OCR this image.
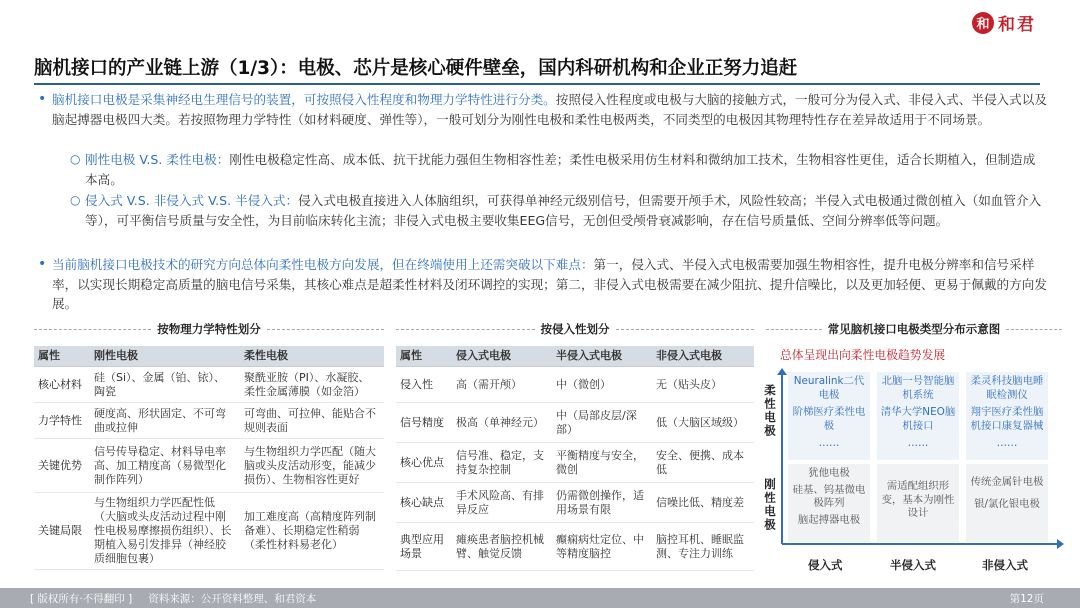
和 和君
脑机接口的产业链上游（1/3）：电极、芯片是核心硬件壁垒，国内科研机构和企业正努力追赶
• 脑机接口电极是采集神经电生理信号的装置，可按照侵入性程度和物理力学特性进行分类。按照侵入性程度或电极与大脑的接触方式，一般可分为侵入式、非侵入式、半侵入式以及脑起搏器电极四大类。若按照物理力学特性（如材料硬度、弹性等），一般可划分为刚性电极和柔性电极两类，不同类型的电极因其物理特性存在差异故适用于不同场景。
○ 刚性电极 V.S. 柔性电极：刚性电极稳定性高、成本低、抗干扰能力强但生物相容性差；柔性电极采用仿生材料和微纳加工技术，生物相容性更佳，适合长期植入，但制造成本高。
○ 侵入式 V.S. 非侵入式 V.S. 半侵入式：侵入式电极直接进入人体脑组织，可获得单神经元级别信号，但需要开颅手术，风险性较高；半侵入式电极通过微创植入（如血管介入等），可平衡信号质量与安全性，为目前临床转化主流；非侵入式电极主要收集EEG信号，无创但受颅骨衰减影响，存在信号质量低、空间分辨率低等问题。
• 当前脑机接口电极技术的研究方向总体向柔性电极方向发展，但在终端使用上还需突破以下难点：第一，侵入式、半侵入式电极需要加强生物相容性，提升电极分辨率和信号采样率，以实现长期稳定高质量的脑电信号采集，其核心难点是超柔性材料及闭环调控的实现；第二，非侵入式电极需要在减少阻抗、提升信噪比，以及更加轻便、更易于佩戴的方向发展。
按物理力学特性划分	按侵入性划分	常见脑机接口电极类型分布示意图
属性	刚性电极	柔性电极
核心材料	硅（Si）、金属（铂、铱）、陶瓷	聚酰亚胺（PI）、水凝胶、柔性金属薄膜（如金箔）
力学特性	硬度高、形状固定、不可弯曲或拉伸	可弯曲、可拉伸、能贴合不规则表面
关键优势	信号传导稳定、材料导电率高、加工精度高（易微型化制作阵列）	与生物组织力学匹配（随大脑或头皮活动形变，能减少损伤）、生物相容性更好
关键局限	与生物组织力学匹配性低（大脑或头皮活动过程中刚性电极易摩擦损伤组织）、长期植入易引发排异（神经胶质细胞包裹）	加工难度高（高精度阵列制备难）、长期稳定性稍弱（柔性材料易老化）
属性	侵入式电极	半侵入式电极	非侵入式电极
侵入性	高（需开颅）	中（微创）	无（贴头皮）
信号精度	极高（单神经元）	中（局部皮层/深部）	低（大脑区域级）
核心优点	信号准、稳定，支持复杂控制	平衡精度与安全，微创	安全、便携、成本低
核心缺点	手术风险高、有排异反应	仍需微创操作，适用场景有限	信噪比低、精度差
典型应用场景	瘫痪患者脑控机械臂、触觉反馈	癫痫病灶定位、中等精度脑控	脑控耳机、睡眠监测、专注力训练
总体呈现出向柔性电极趋势发展
柔性电极
刚性电极
Neuralink二代电极
阶梯医疗柔性电极
……
北脑一号智能脑机系统
清华大学NEO脑机接口
……
柔灵科技脑电睡眠检测仪
翔宇医疗柔性脑机接口康复器械
……
犹他电极
硅基、钨基微电极阵列
脑起搏器电极
需适配组织形变，基本为刚性设计
传统金属针电极
银/氯化银电极
侵入式	半侵入式	非侵入式
[ 版权所有·不得翻印 ] 资料来源：公开资料整理、和君资本	第12页
